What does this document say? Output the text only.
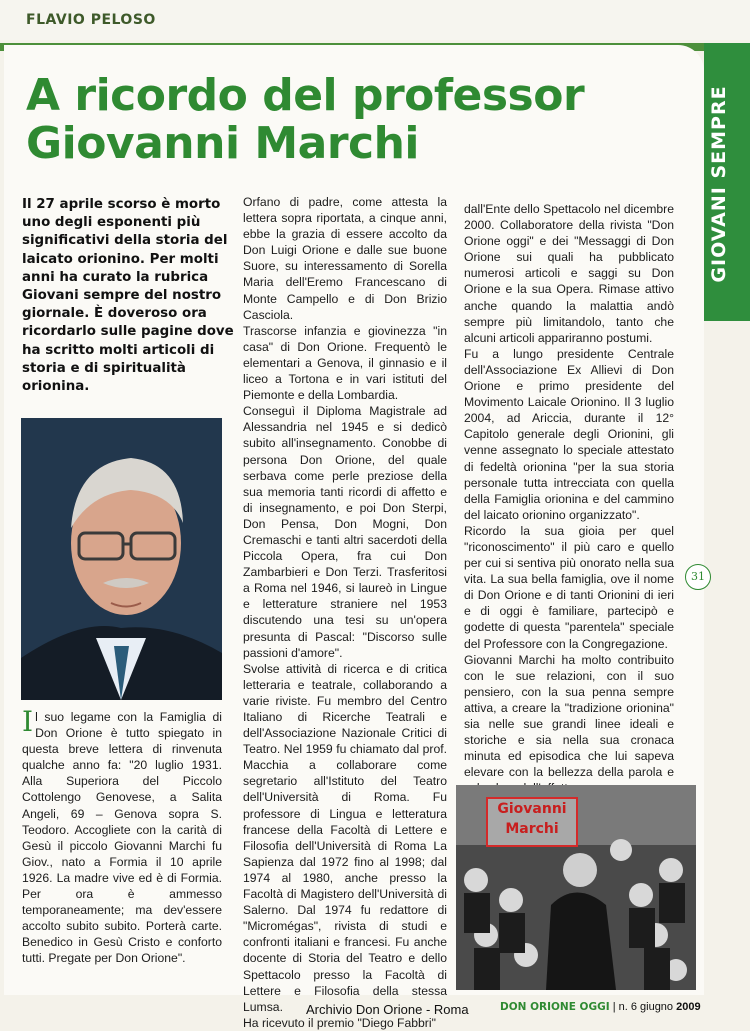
FLAVIO PELOSO
GIOVANI SEMPRE
A ricordo del professor
Giovanni Marchi
Il 27 aprile scorso è morto uno degli esponenti più significativi della storia del laicato orionino. Per molti anni ha curato la rubrica Giovani sempre del nostro giornale. È doveroso ora ricordarlo sulle pagine dove ha scritto molti articoli di storia e di spiritualità orionina.
Il suo legame con la Famiglia di Don Orione è tutto spiegato in questa breve lettera di rinvenuta qualche anno fa: "20 luglio 1931. Alla Superiora del Piccolo Cottolengo Genovese, a Salita Angeli, 69 – Genova sopra S. Teodoro. Accogliete con la carità di Gesù il piccolo Giovanni Marchi fu Giov., nato a Formia il 10 aprile 1926. La madre vive ed è di Formia. Per ora è ammesso temporaneamente; ma dev'essere accolto subito subito. Porterà carte. Benedico in Gesù Cristo e conforto tutti. Pregate per Don Orione".

Orfano di padre, come attesta la lettera sopra riportata, a cinque anni, ebbe la grazia di essere accolto da Don Luigi Orione e dalle sue buone Suore, su interessamento di Sorella Maria dell'Eremo Francescano di Monte Campello e di Don Brizio Casciola.

Trascorse infanzia e giovinezza "in casa" di Don Orione. Frequentò le elementari a Genova, il ginnasio e il liceo a Tortona e in vari istituti del Piemonte e della Lombardia.

Conseguì il Diploma Magistrale ad Alessandria nel 1945 e si dedicò subito all'insegnamento. Conobbe di persona Don Orione, del quale serbava come perle preziose della sua memoria tanti ricordi di affetto e di insegnamento, e poi Don Sterpi, Don Pensa, Don Mogni, Don Cremaschi e tanti altri sacerdoti della Piccola Opera, fra cui Don Zambarbieri e Don Terzi. Trasferitosi a Roma nel 1946, si laureò in Lingue e letterature straniere nel 1953 discutendo una tesi su un'opera presunta di Pascal: "Discorso sulle passioni d'amore".

Svolse attività di ricerca e di critica letteraria e teatrale, collaborando a varie riviste. Fu membro del Centro Italiano di Ricerche Teatrali e dell'Associazione Nazionale Critici di Teatro. Nel 1959 fu chiamato dal prof. Macchia a collaborare come segretario all'Istituto del Teatro dell'Università di Roma. Fu professore di Lingua e letteratura francese della Facoltà di Lettere e Filosofia dell'Università di Roma La Sapienza dal 1972 fino al 1998; dal 1974 al 1980, anche presso la Facoltà di Magistero dell'Università di Salerno. Dal 1974 fu redattore di "Micromégas", rivista di studi e confronti italiani e francesi. Fu anche docente di Storia del Teatro e dello Spettacolo presso la Facoltà di Lettere e Filosofia della stessa Lumsa.

Ha ricevuto il premio "Diego Fabbri"

dall'Ente dello Spettacolo nel dicembre 2000. Collaboratore della rivista "Don Orione oggi" e dei "Messaggi di Don Orione sui quali ha pubblicato numerosi articoli e saggi su Don Orione e la sua Opera. Rimase attivo anche quando la malattia andò sempre più limitandolo, tanto che alcuni articoli appariranno postumi.

Fu a lungo presidente Centrale dell'Associazione Ex Allievi di Don Orione e primo presidente del Movimento Laicale Orionino. Il 3 luglio 2004, ad Ariccia, durante il 12° Capitolo generale degli Orionini, gli venne assegnato lo speciale attestato di fedeltà orionina "per la sua storia personale tutta intrecciata con quella della Famiglia orionina e del cammino del laicato orionino organizzato".

Ricordo la sua gioia per quel "riconoscimento" il più caro e quello per cui si sentiva più onorato nella sua vita. La sua bella famiglia, ove il nome di Don Orione e di tanti Orionini di ieri e di oggi è familiare, partecipò e godette di questa "parentela" speciale del Professore con la Congregazione.

Giovanni Marchi ha molto contribuito con le sue relazioni, con il suo pensiero, con la sua penna sempre attiva, a creare la "tradizione orionina" sia nelle sue grandi linee ideali e storiche e sia nella sua cronaca minuta ed episodica che lui sapeva elevare con la bellezza della parola e

31
Giovanni Marchi
Archivio Don Orione - Roma	DON ORIONE OGGI | n. 6 giugno 2009
